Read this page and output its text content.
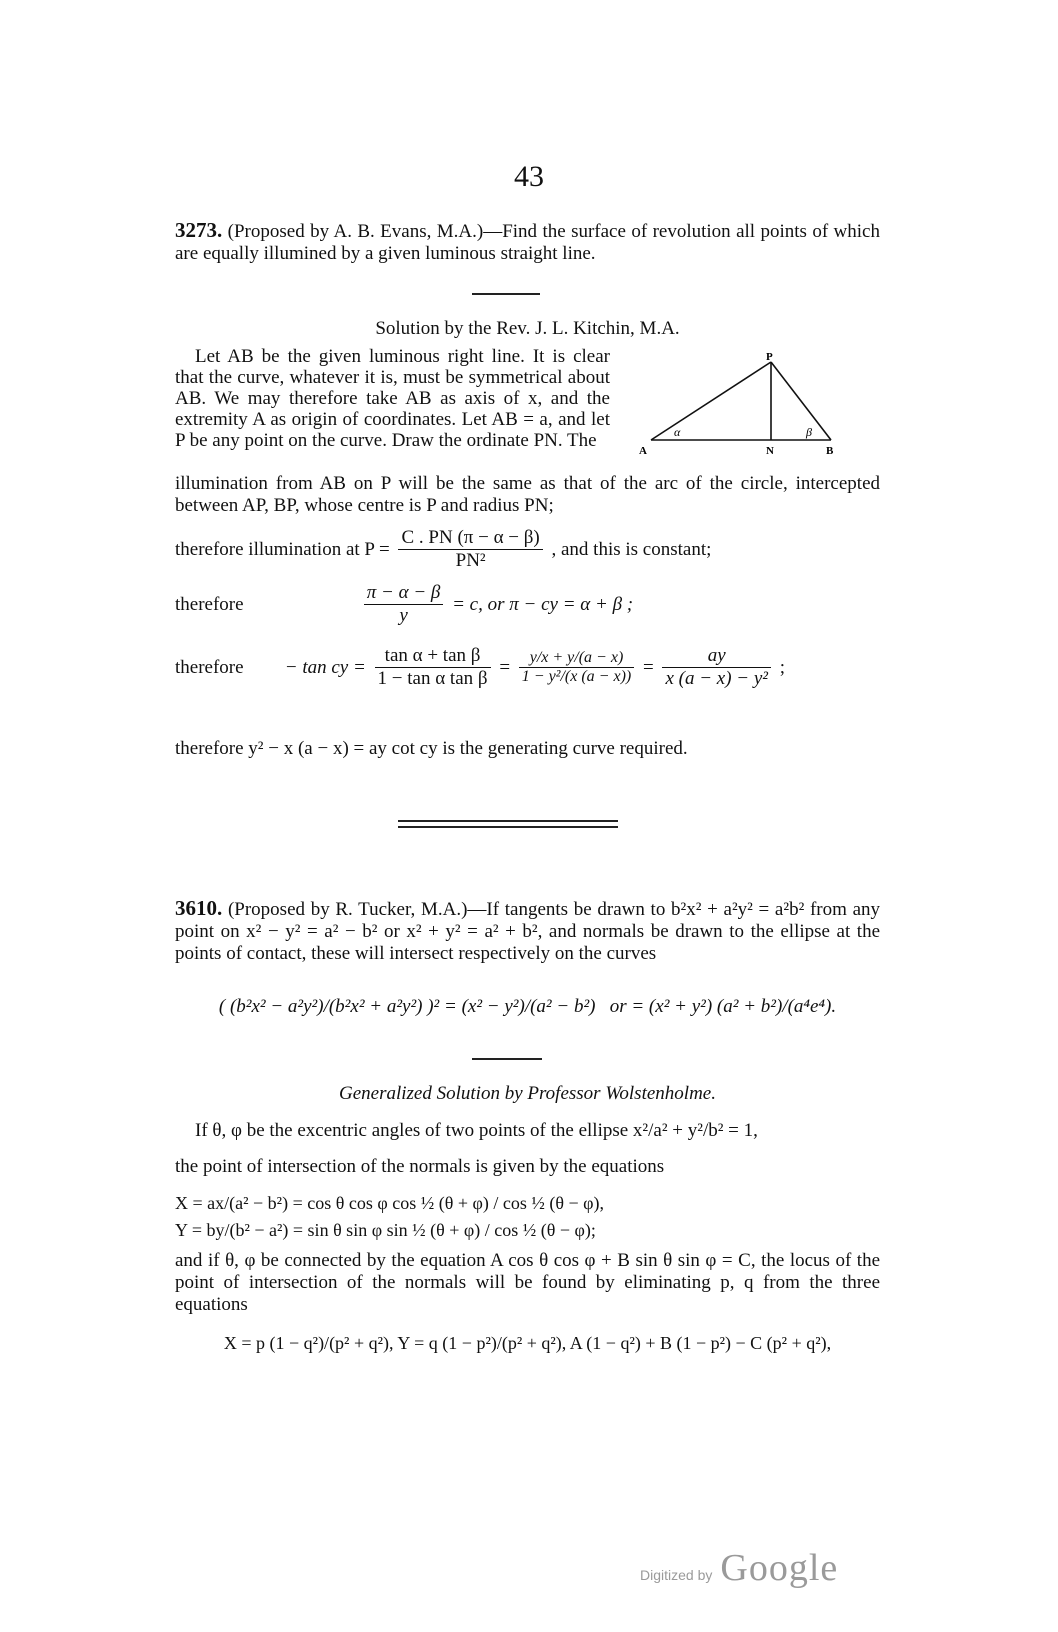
43
3273. (Proposed by A. B. Evans, M.A.)—Find the surface of revolution all points of which are equally illumined by a given luminous straight line.
Solution by the Rev. J. L. Kitchin, M.A.
Let AB be the given luminous right line. It is clear that the curve, whatever it is, must be symmetrical about AB. We may therefore take AB as axis of x, and the extremity A as origin of coordinates. Let AB = a, and let P be any point on the curve. Draw the ordinate PN. The
P
A	N	B
α	β
illumination from AB on P will be the same as that of the arc of the circle, intercepted between AP, BP, whose centre is P and radius PN;
therefore illumination at $P = \frac{C . PN (\pi - \alpha - \beta)}{\text{PN²}}$ , and this is constant;
therefore	$\frac{\pi - \alpha - \beta}{y} = c$, or π − cy = α + β ;
therefore − tan cy = $\frac{\text{tan α + tan β}}{\text{1 − tan α tan β}} = \frac{y/x + y/(a - x)}{\text{1 − y²/(x (a − x))}} = \frac{ay}{\text{x (a − x) − y²}}$ ;
therefore y² − x (a − x) = ay cot cy is the generating curve required.
3610. (Proposed by R. Tucker, M.A.)—If tangents be drawn to b²x² + a²y² = a²b² from any point on x² − y² = a² − b² or x² + y² = a² + b², and normals be drawn to the ellipse at the points of contact, these will intersect respectively on the curves
( (b²x² − a²y²)/(b²x² + a²y²) )² = (x² − y²)/(a² − b²) or = (x² + y²) (a² + b²)/(a⁴e⁴).
Generalized Solution by Professor Wolstenholme.
If θ, φ be the excentric angles of two points of the ellipse x²/a² + y²/b² = 1,
the point of intersection of the normals is given by the equations
X = ax/(a² − b²) = cos θ cos φ cos ½ (θ + φ) / cos ½ (θ − φ),
Y = by/(b² − a²) = sin θ sin φ sin ½ (θ + φ) / cos ½ (θ − φ);
and if θ, φ be connected by the equation A cos θ cos φ + B sin θ sin φ = C, the locus of the point of intersection of the normals will be found by eliminating p, q from the three equations
X = p (1 − q²)/(p² + q²), Y = q (1 − p²)/(p² + q²), A (1 − q²) + B (1 − p²) − C (p² + q²),
Digitized by Google
